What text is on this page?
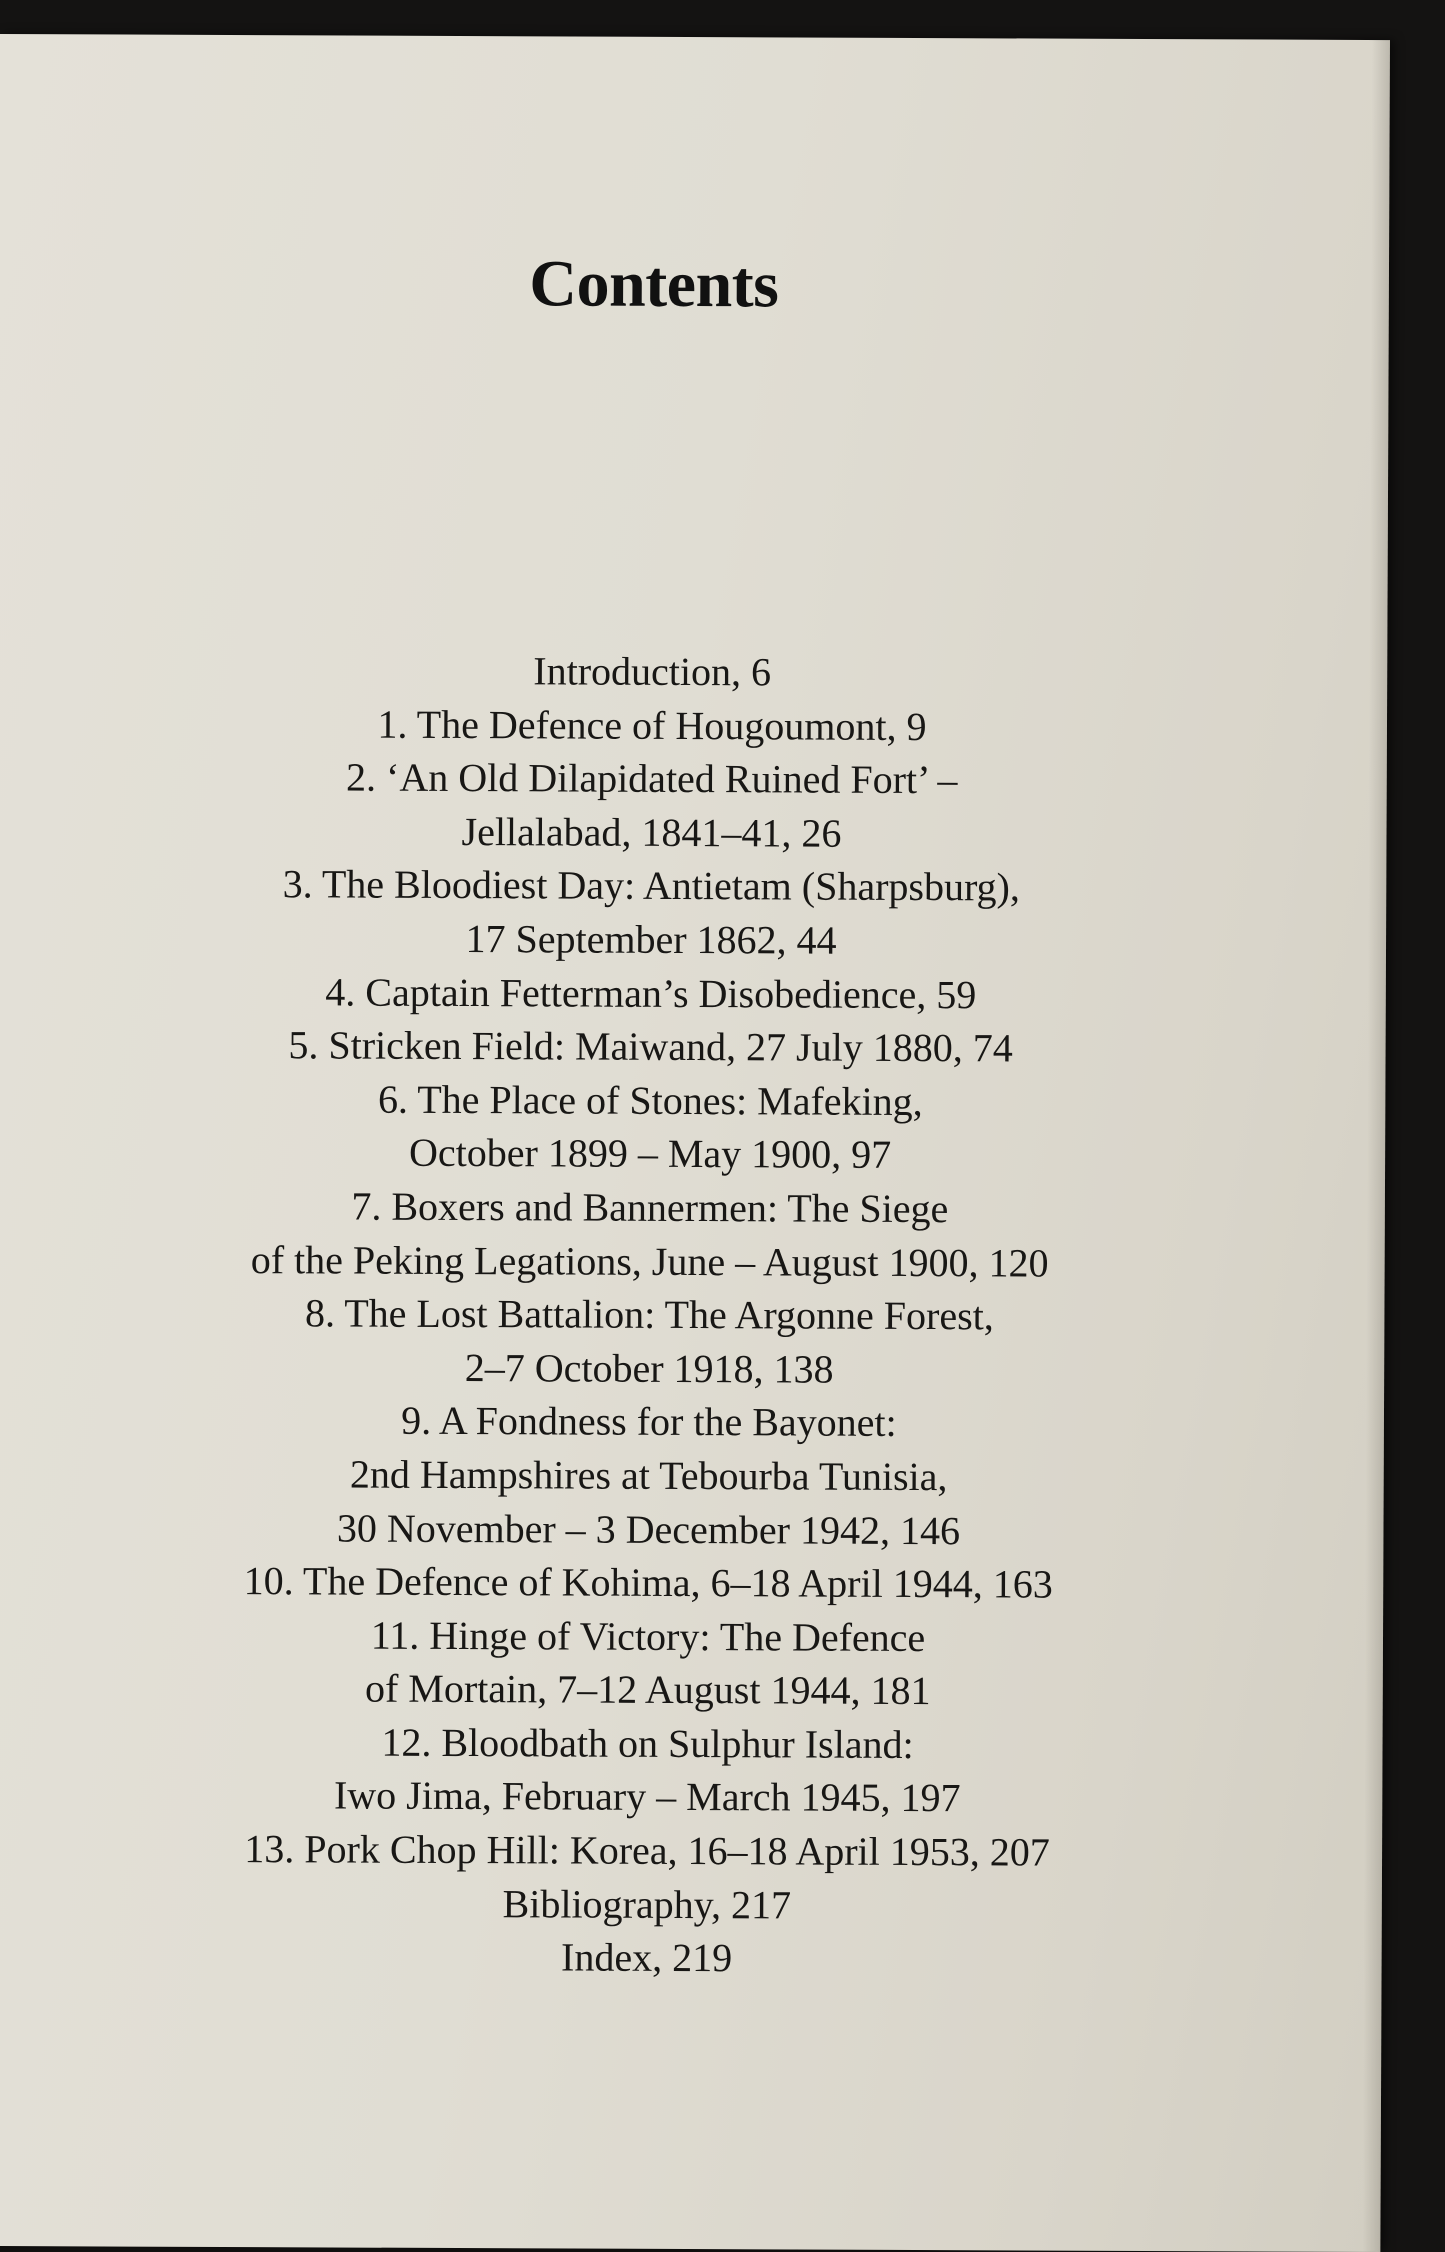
Contents
Introduction, 6
1. The Defence of Hougoumont, 9
2. ‘An Old Dilapidated Ruined Fort’ –
Jellalabad, 1841–41, 26
3. The Bloodiest Day: Antietam (Sharpsburg),
17 September 1862, 44
4. Captain Fetterman’s Disobedience, 59
5. Stricken Field: Maiwand, 27 July 1880, 74
6. The Place of Stones: Mafeking,
October 1899 – May 1900, 97
7. Boxers and Bannermen: The Siege
of the Peking Legations, June – August 1900, 120
8. The Lost Battalion: The Argonne Forest,
2–7 October 1918, 138
9. A Fondness for the Bayonet:
2nd Hampshires at Tebourba Tunisia,
30 November – 3 December 1942, 146
10. The Defence of Kohima, 6–18 April 1944, 163
11. Hinge of Victory: The Defence
of Mortain, 7–12 August 1944, 181
12. Bloodbath on Sulphur Island:
Iwo Jima, February – March 1945, 197
13. Pork Chop Hill: Korea, 16–18 April 1953, 207
Bibliography, 217
Index, 219
